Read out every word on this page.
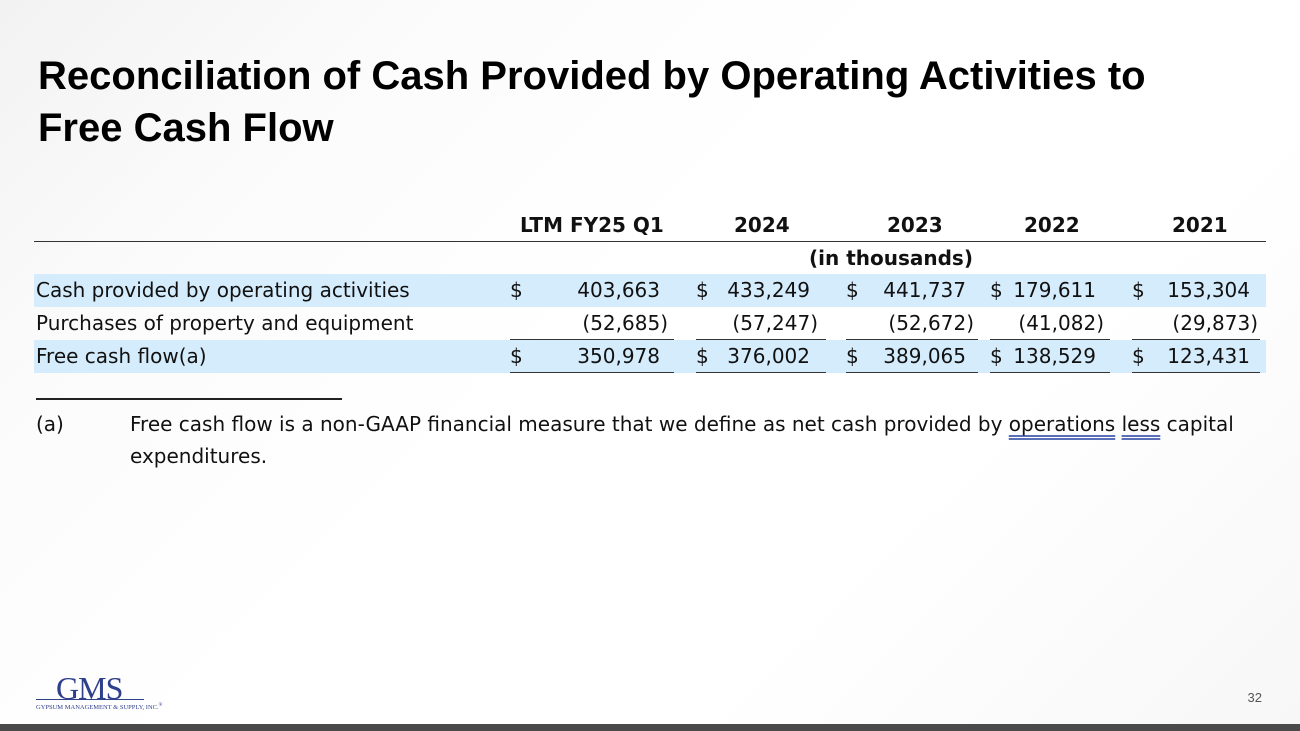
Reconciliation of Cash Provided by Operating Activities to
Free Cash Flow
LTM FY25 Q1	2024	2023	2022	2021
(in thousands)
Cash provided by operating activities	$	403,663 $ 433,249 $	441,737 $ 179,611 $	153,304
Purchases of property and equipment	(52,685)	(57,247)	(52,672)	(41,082)	(29,873)
Free cash flow(a)	$	350,978 $ 376,002 $	389,065 $ 138,529 $	123,431
(a)	Free cash flow is a non-GAAP financial measure that we define as net cash provided by operations less capital expenditures.
GMS
GYPSUM MANAGEMENT & SUPPLY, INC.®
32
